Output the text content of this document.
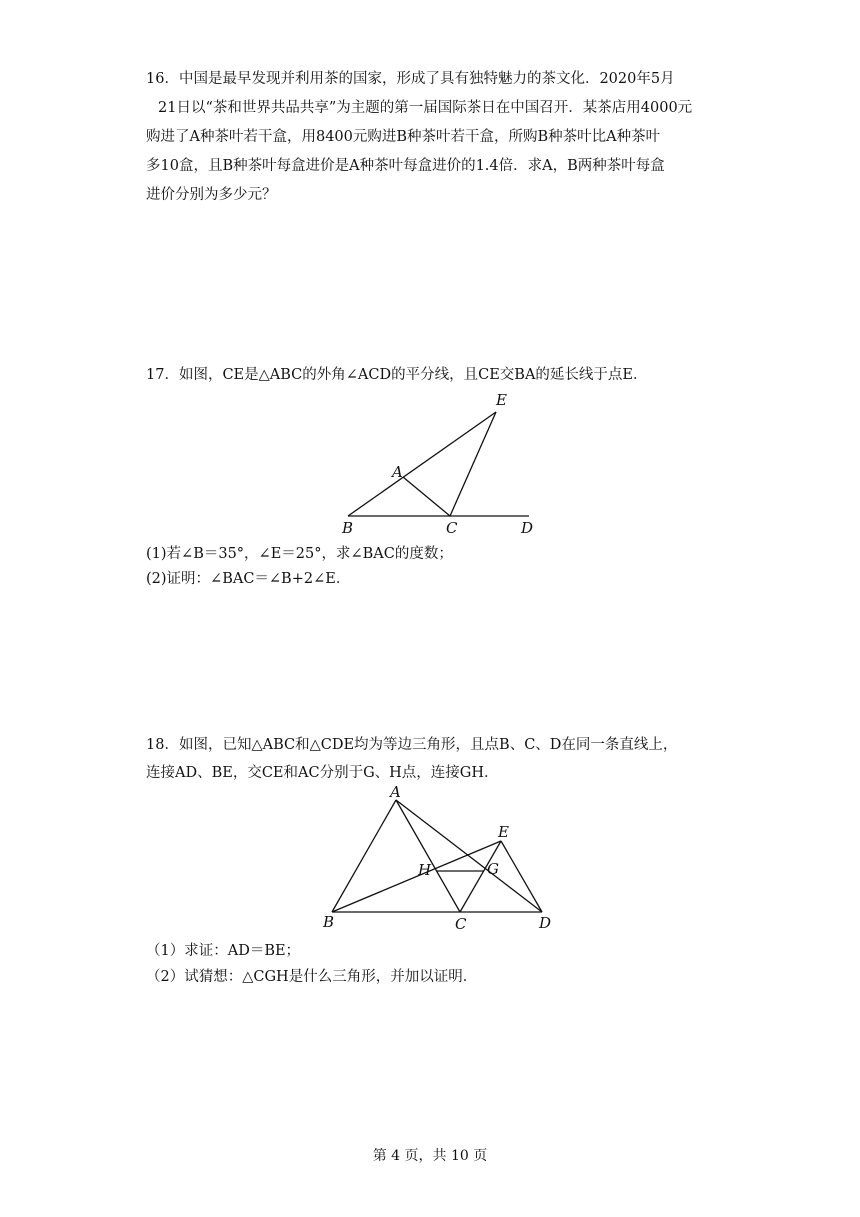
16．中国是最早发现并利用茶的国家，形成了具有独特魅力的茶文化．2020年5月
21日以“茶和世界共品共享”为主题的第一届国际茶日在中国召开．某茶店用4000元
购进了A种茶叶若干盒，用8400元购进B种茶叶若干盒，所购B种茶叶比A种茶叶
多10盒，且B种茶叶每盒进价是A种茶叶每盒进价的1.4倍．求A，B两种茶叶每盒
进价分别为多少元？
17．如图，CE是△ABC的外角∠ACD的平分线，且CE交BA的延长线于点E．
E
A
B	C	D
(1)若∠B＝35°，∠E＝25°，求∠BAC的度数；
(2)证明：∠BAC＝∠B+2∠E．
18．如图，已知△ABC和△CDE均为等边三角形，且点B、C、D在同一条直线上，
连接AD、BE，交CE和AC分别于G、H点，连接GH．
A
E
H	G
B	C	D
（1）求证：AD＝BE；
（2）试猜想：△CGH是什么三角形，并加以证明．
第 4 页，共 10 页
